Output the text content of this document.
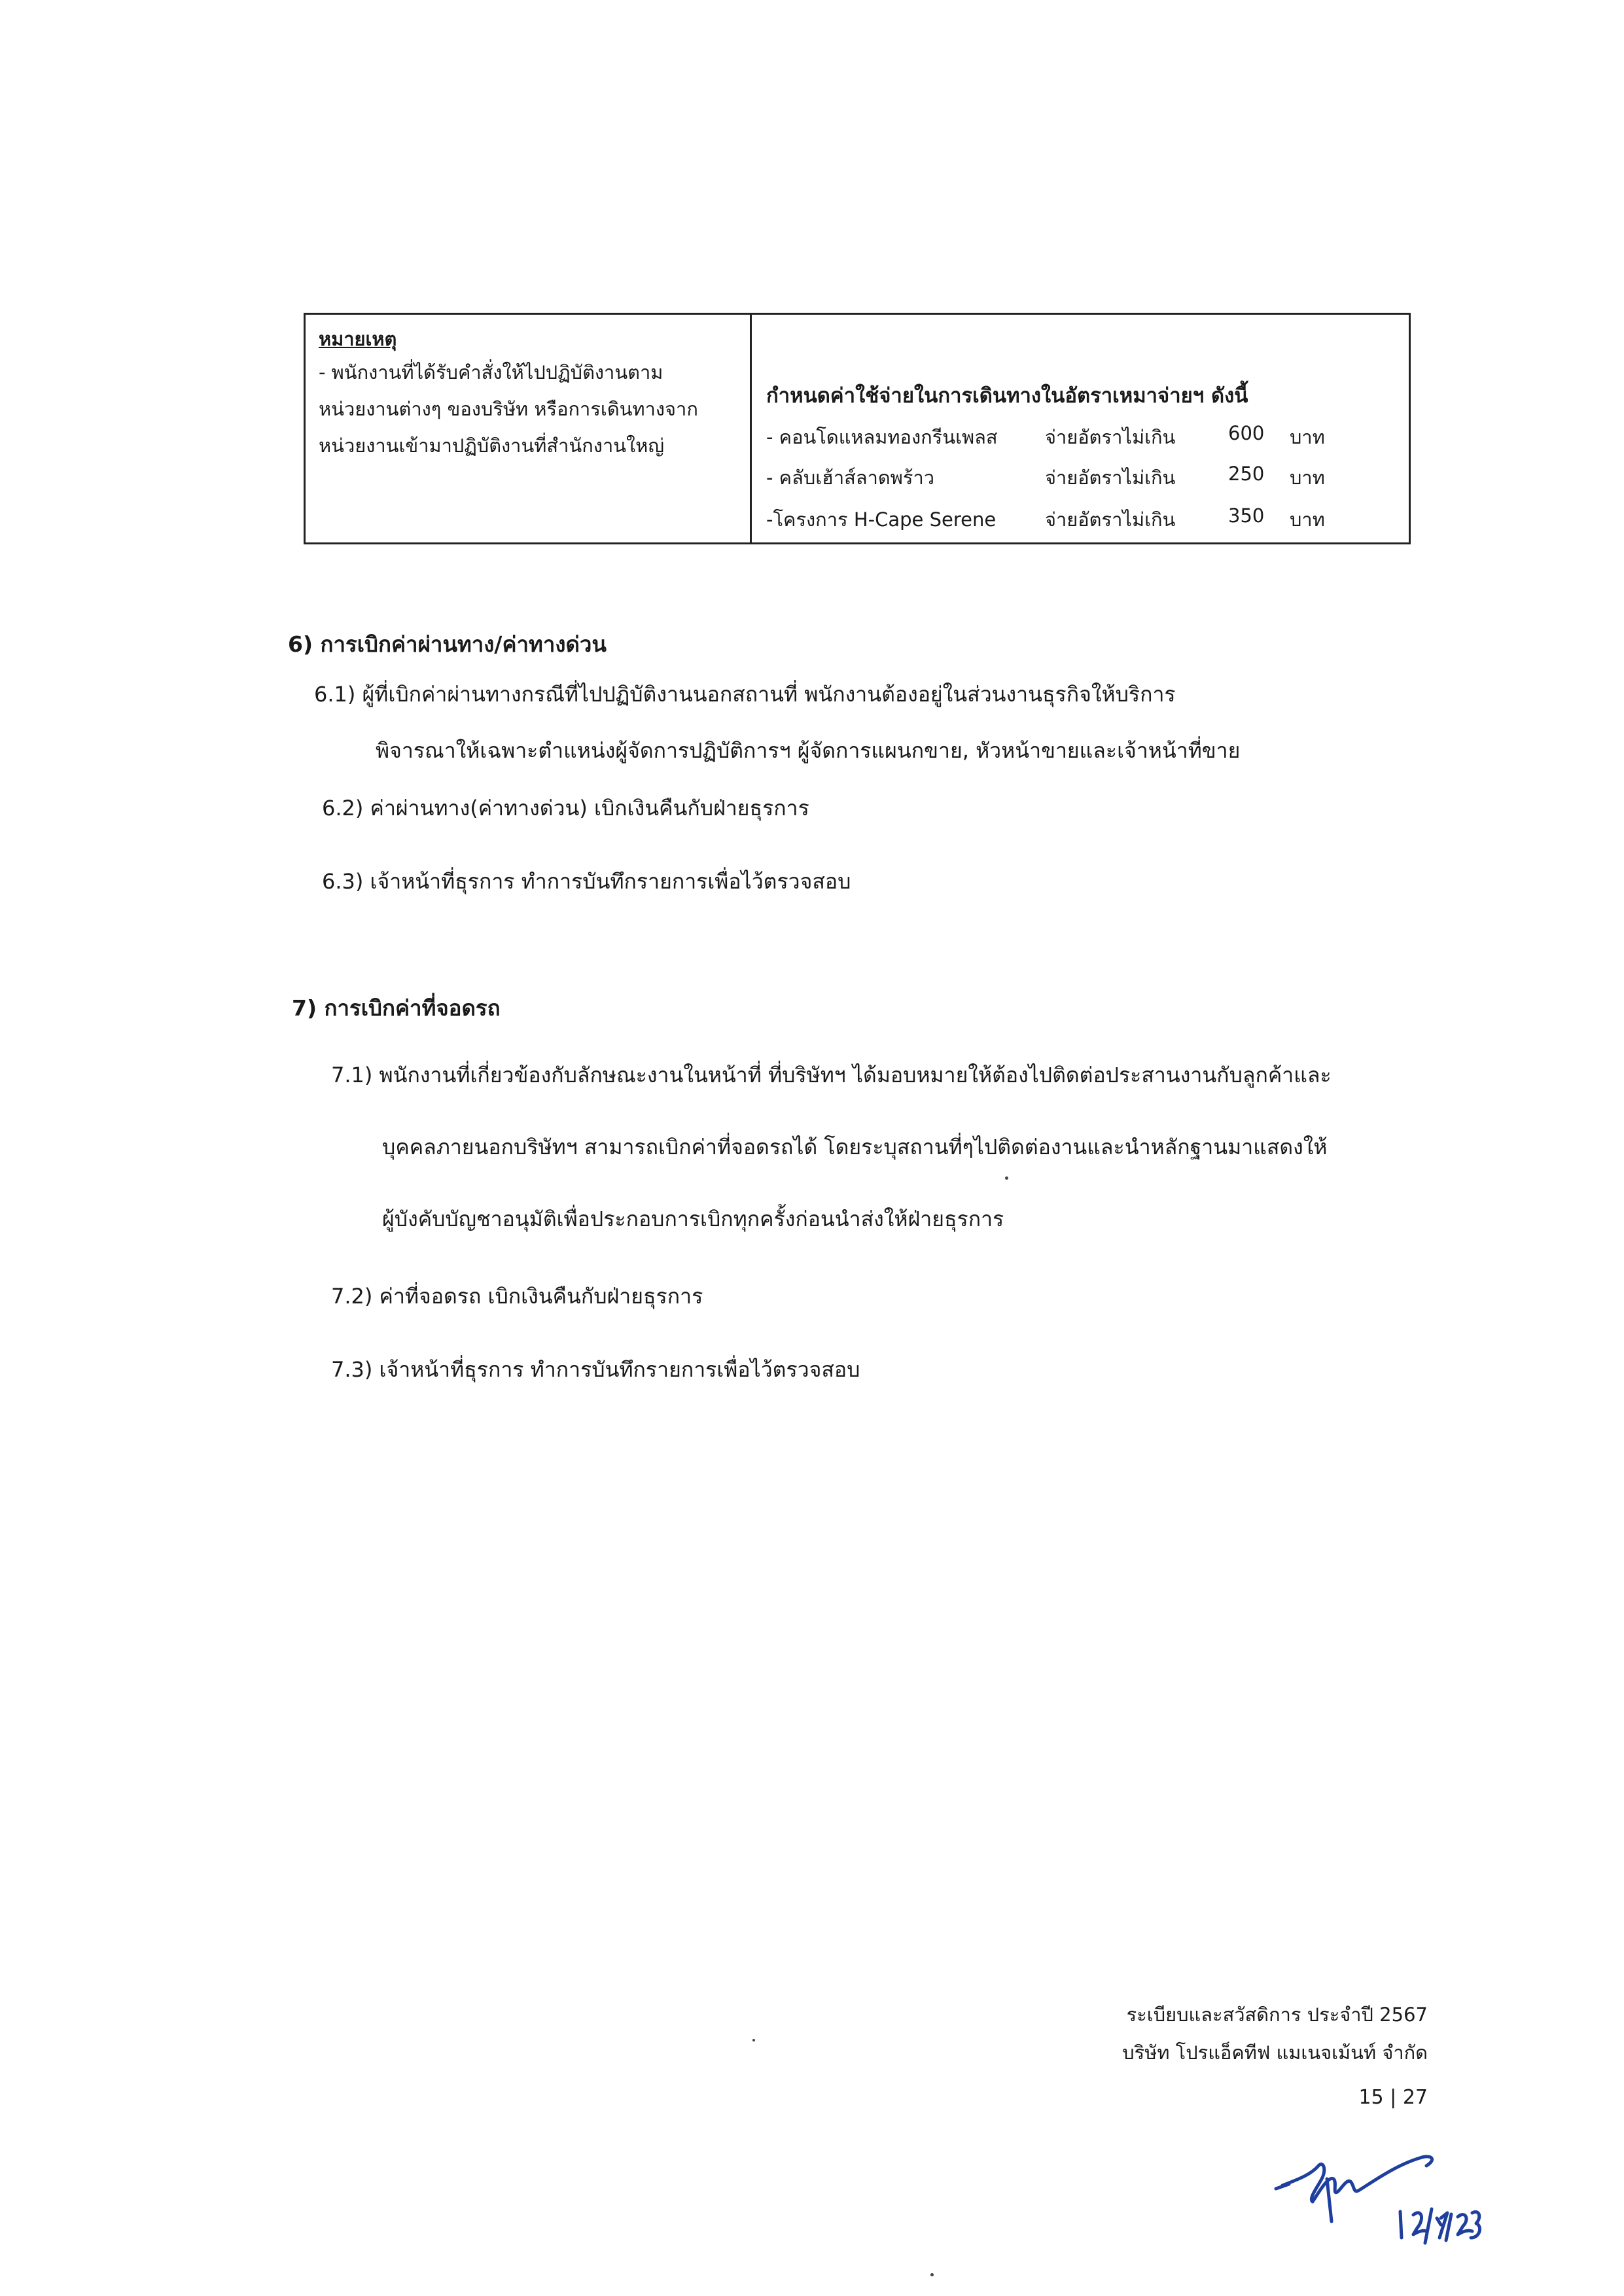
หมายเหตุ
- พนักงานที่ได้รับคำสั่งให้ไปปฏิบัติงานตาม
หน่วยงานต่างๆ ของบริษัท หรือการเดินทางจาก
หน่วยงานเข้ามาปฏิบัติงานที่สำนักงานใหญ่
กำหนดค่าใช้จ่ายในการเดินทางในอัตราเหมาจ่ายฯ ดังนี้
- คอนโดแหลมทองกรีนเพลส จ่ายอัตราไม่เกิน	600 บาท
- คลับเฮ้าส์ลาดพร้าว	จ่ายอัตราไม่เกิน	250 บาท
-โครงการ H-Cape Serene	จ่ายอัตราไม่เกิน	350 บาท
6) การเบิกค่าผ่านทาง/ค่าทางด่วน
6.1) ผู้ที่เบิกค่าผ่านทางกรณีที่ไปปฏิบัติงานนอกสถานที่ พนักงานต้องอยู่ในส่วนงานธุรกิจให้บริการ
พิจารณาให้เฉพาะตำแหน่งผู้จัดการปฏิบัติการฯ ผู้จัดการแผนกขาย, หัวหน้าขายและเจ้าหน้าที่ขาย
6.2) ค่าผ่านทาง(ค่าทางด่วน) เบิกเงินคืนกับฝ่ายธุรการ
6.3) เจ้าหน้าที่ธุรการ ทำการบันทึกรายการเพื่อไว้ตรวจสอบ
7) การเบิกค่าที่จอดรถ
7.1) พนักงานที่เกี่ยวข้องกับลักษณะงานในหน้าที่ ที่บริษัทฯ ได้มอบหมายให้ต้องไปติดต่อประสานงานกับลูกค้าและ
บุคคลภายนอกบริษัทฯ สามารถเบิกค่าที่จอดรถได้ โดยระบุสถานที่ๆไปติดต่องานและนำหลักฐานมาแสดงให้
ผู้บังคับบัญชาอนุมัติเพื่อประกอบการเบิกทุกครั้งก่อนนำส่งให้ฝ่ายธุรการ
7.2) ค่าที่จอดรถ เบิกเงินคืนกับฝ่ายธุรการ
7.3) เจ้าหน้าที่ธุรการ ทำการบันทึกรายการเพื่อไว้ตรวจสอบ
ระเบียบและสวัสดิการ ประจำปี 2567
บริษัท โปรแอ็คทีฟ แมเนจเม้นท์ จำกัด
15 | 27
